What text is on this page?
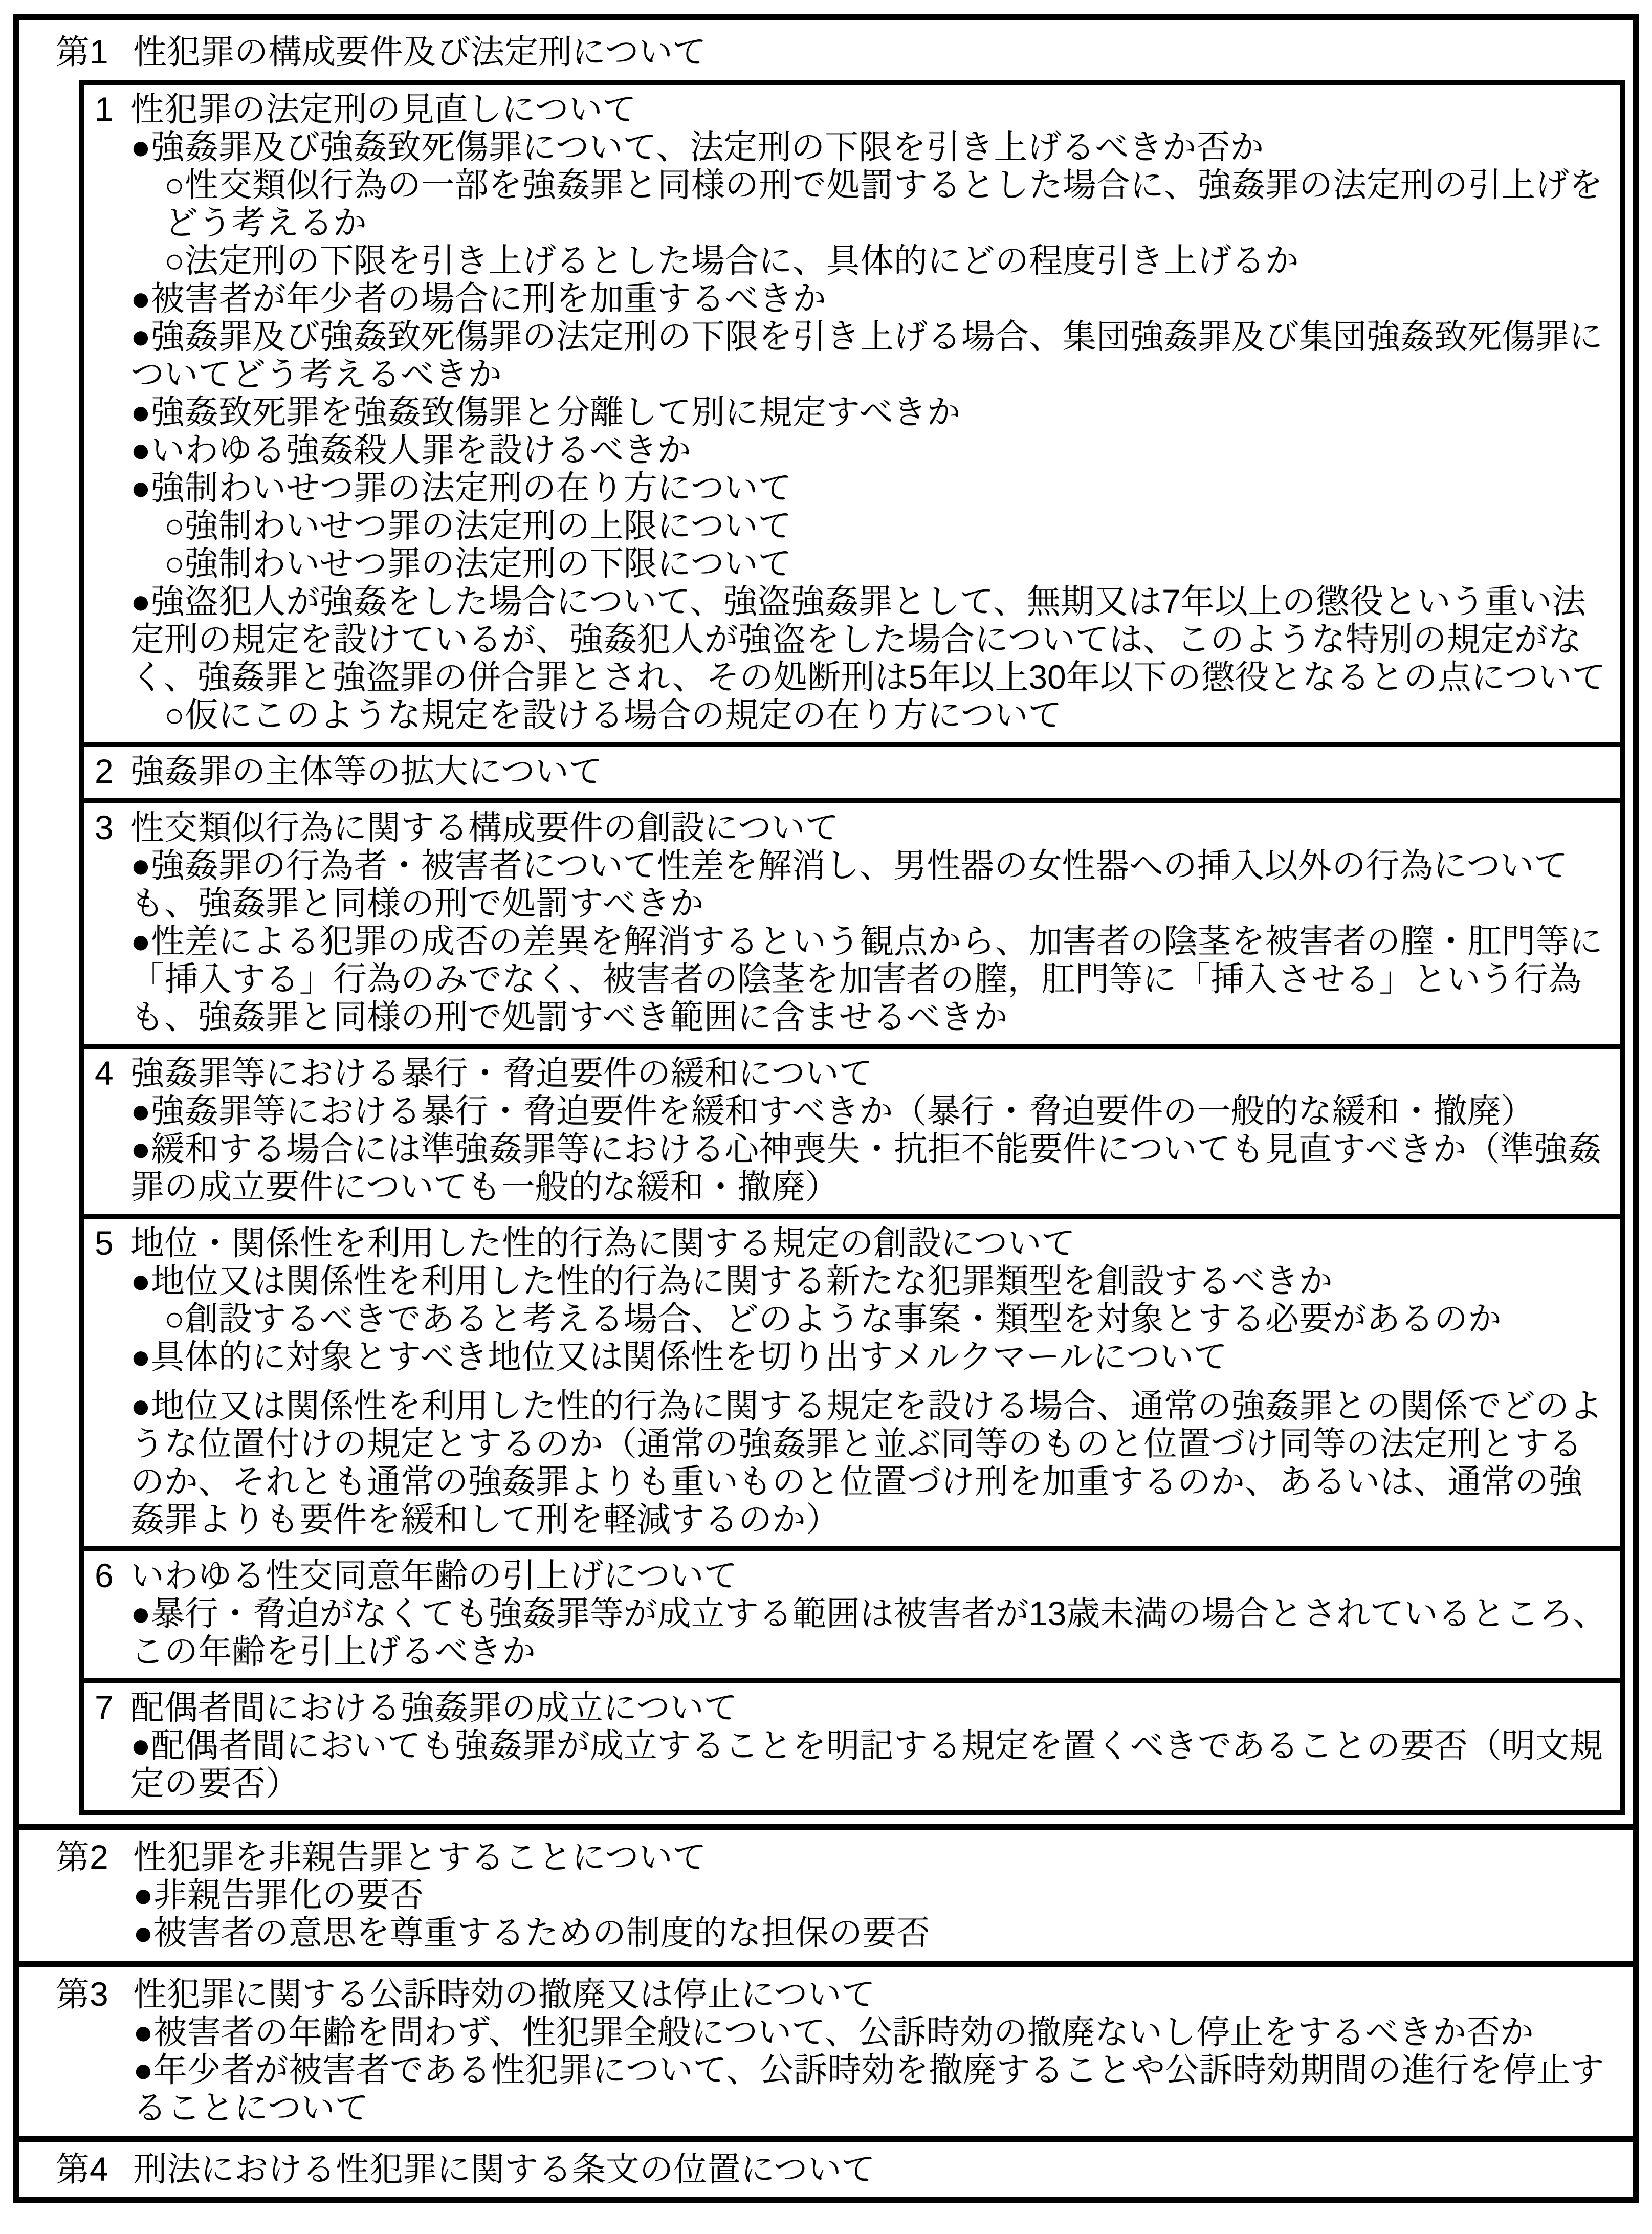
第1 性犯罪の構成要件及び法定刑について

1 性犯罪の法定刑の見直しについて

●強姦罪及び強姦致死傷罪について、法定刑の下限を引き上げるべきか否か

○性交類似行為の一部を強姦罪と同様の刑で処罰するとした場合に、強姦罪の法定刑の引上げをどう考えるか

○法定刑の下限を引き上げるとした場合に、具体的にどの程度引き上げるか

●被害者が年少者の場合に刑を加重するべきか

●強姦罪及び強姦致死傷罪の法定刑の下限を引き上げる場合、集団強姦罪及び集団強姦致死傷罪についてどう考えるべきか

●強姦致死罪を強姦致傷罪と分離して別に規定すべきか

●いわゆる強姦殺人罪を設けるべきか

●強制わいせつ罪の法定刑の在り方について

○強制わいせつ罪の法定刑の上限について

○強制わいせつ罪の法定刑の下限について

●強盗犯人が強姦をした場合について、強盗強姦罪として、無期又は7年以上の懲役という重い法定刑の規定を設けているが、強姦犯人が強盗をした場合については、このような特別の規定がなく、強姦罪と強盗罪の併合罪とされ、その処断刑は5年以上30年以下の懲役となるとの点について

○仮にこのような規定を設ける場合の規定の在り方について

2 強姦罪の主体等の拡大について

3 性交類似行為に関する構成要件の創設について

●強姦罪の行為者・被害者について性差を解消し、男性器の女性器への挿入以外の行為についても、強姦罪と同様の刑で処罰すべきか

●性差による犯罪の成否の差異を解消するという観点から、加害者の陰茎を被害者の膣・肛門等に「挿入する」行為のみでなく、被害者の陰茎を加害者の膣，肛門等に「挿入させる」という行為も、強姦罪と同様の刑で処罰すべき範囲に含ませるべきか

4 強姦罪等における暴行・脅迫要件の緩和について

●強姦罪等における暴行・脅迫要件を緩和すべきか（暴行・脅迫要件の一般的な緩和・撤廃）

●緩和する場合には準強姦罪等における心神喪失・抗拒不能要件についても見直すべきか（準強姦罪の成立要件についても一般的な緩和・撤廃）

5 地位・関係性を利用した性的行為に関する規定の創設について

●地位又は関係性を利用した性的行為に関する新たな犯罪類型を創設するべきか

○創設するべきであると考える場合、どのような事案・類型を対象とする必要があるのか

●具体的に対象とすべき地位又は関係性を切り出すメルクマールについて

●地位又は関係性を利用した性的行為に関する規定を設ける場合、通常の強姦罪との関係でどのような位置付けの規定とするのか（通常の強姦罪と並ぶ同等のものと位置づけ同等の法定刑とするのか、それとも通常の強姦罪よりも重いものと位置づけ刑を加重するのか、あるいは、通常の強姦罪よりも要件を緩和して刑を軽減するのか）

6 いわゆる性交同意年齢の引上げについて

●暴行・脅迫がなくても強姦罪等が成立する範囲は被害者が13歳未満の場合とされているところ、この年齢を引上げるべきか

7 配偶者間における強姦罪の成立について

●配偶者間においても強姦罪が成立することを明記する規定を置くべきであることの要否（明文規定の要否）

第2 性犯罪を非親告罪とすることについて

●非親告罪化の要否

●被害者の意思を尊重するための制度的な担保の要否

第3 性犯罪に関する公訴時効の撤廃又は停止について

●被害者の年齢を問わず、性犯罪全般について、公訴時効の撤廃ないし停止をするべきか否か

●年少者が被害者である性犯罪について、公訴時効を撤廃することや公訴時効期間の進行を停止することについて

第4 刑法における性犯罪に関する条文の位置について
